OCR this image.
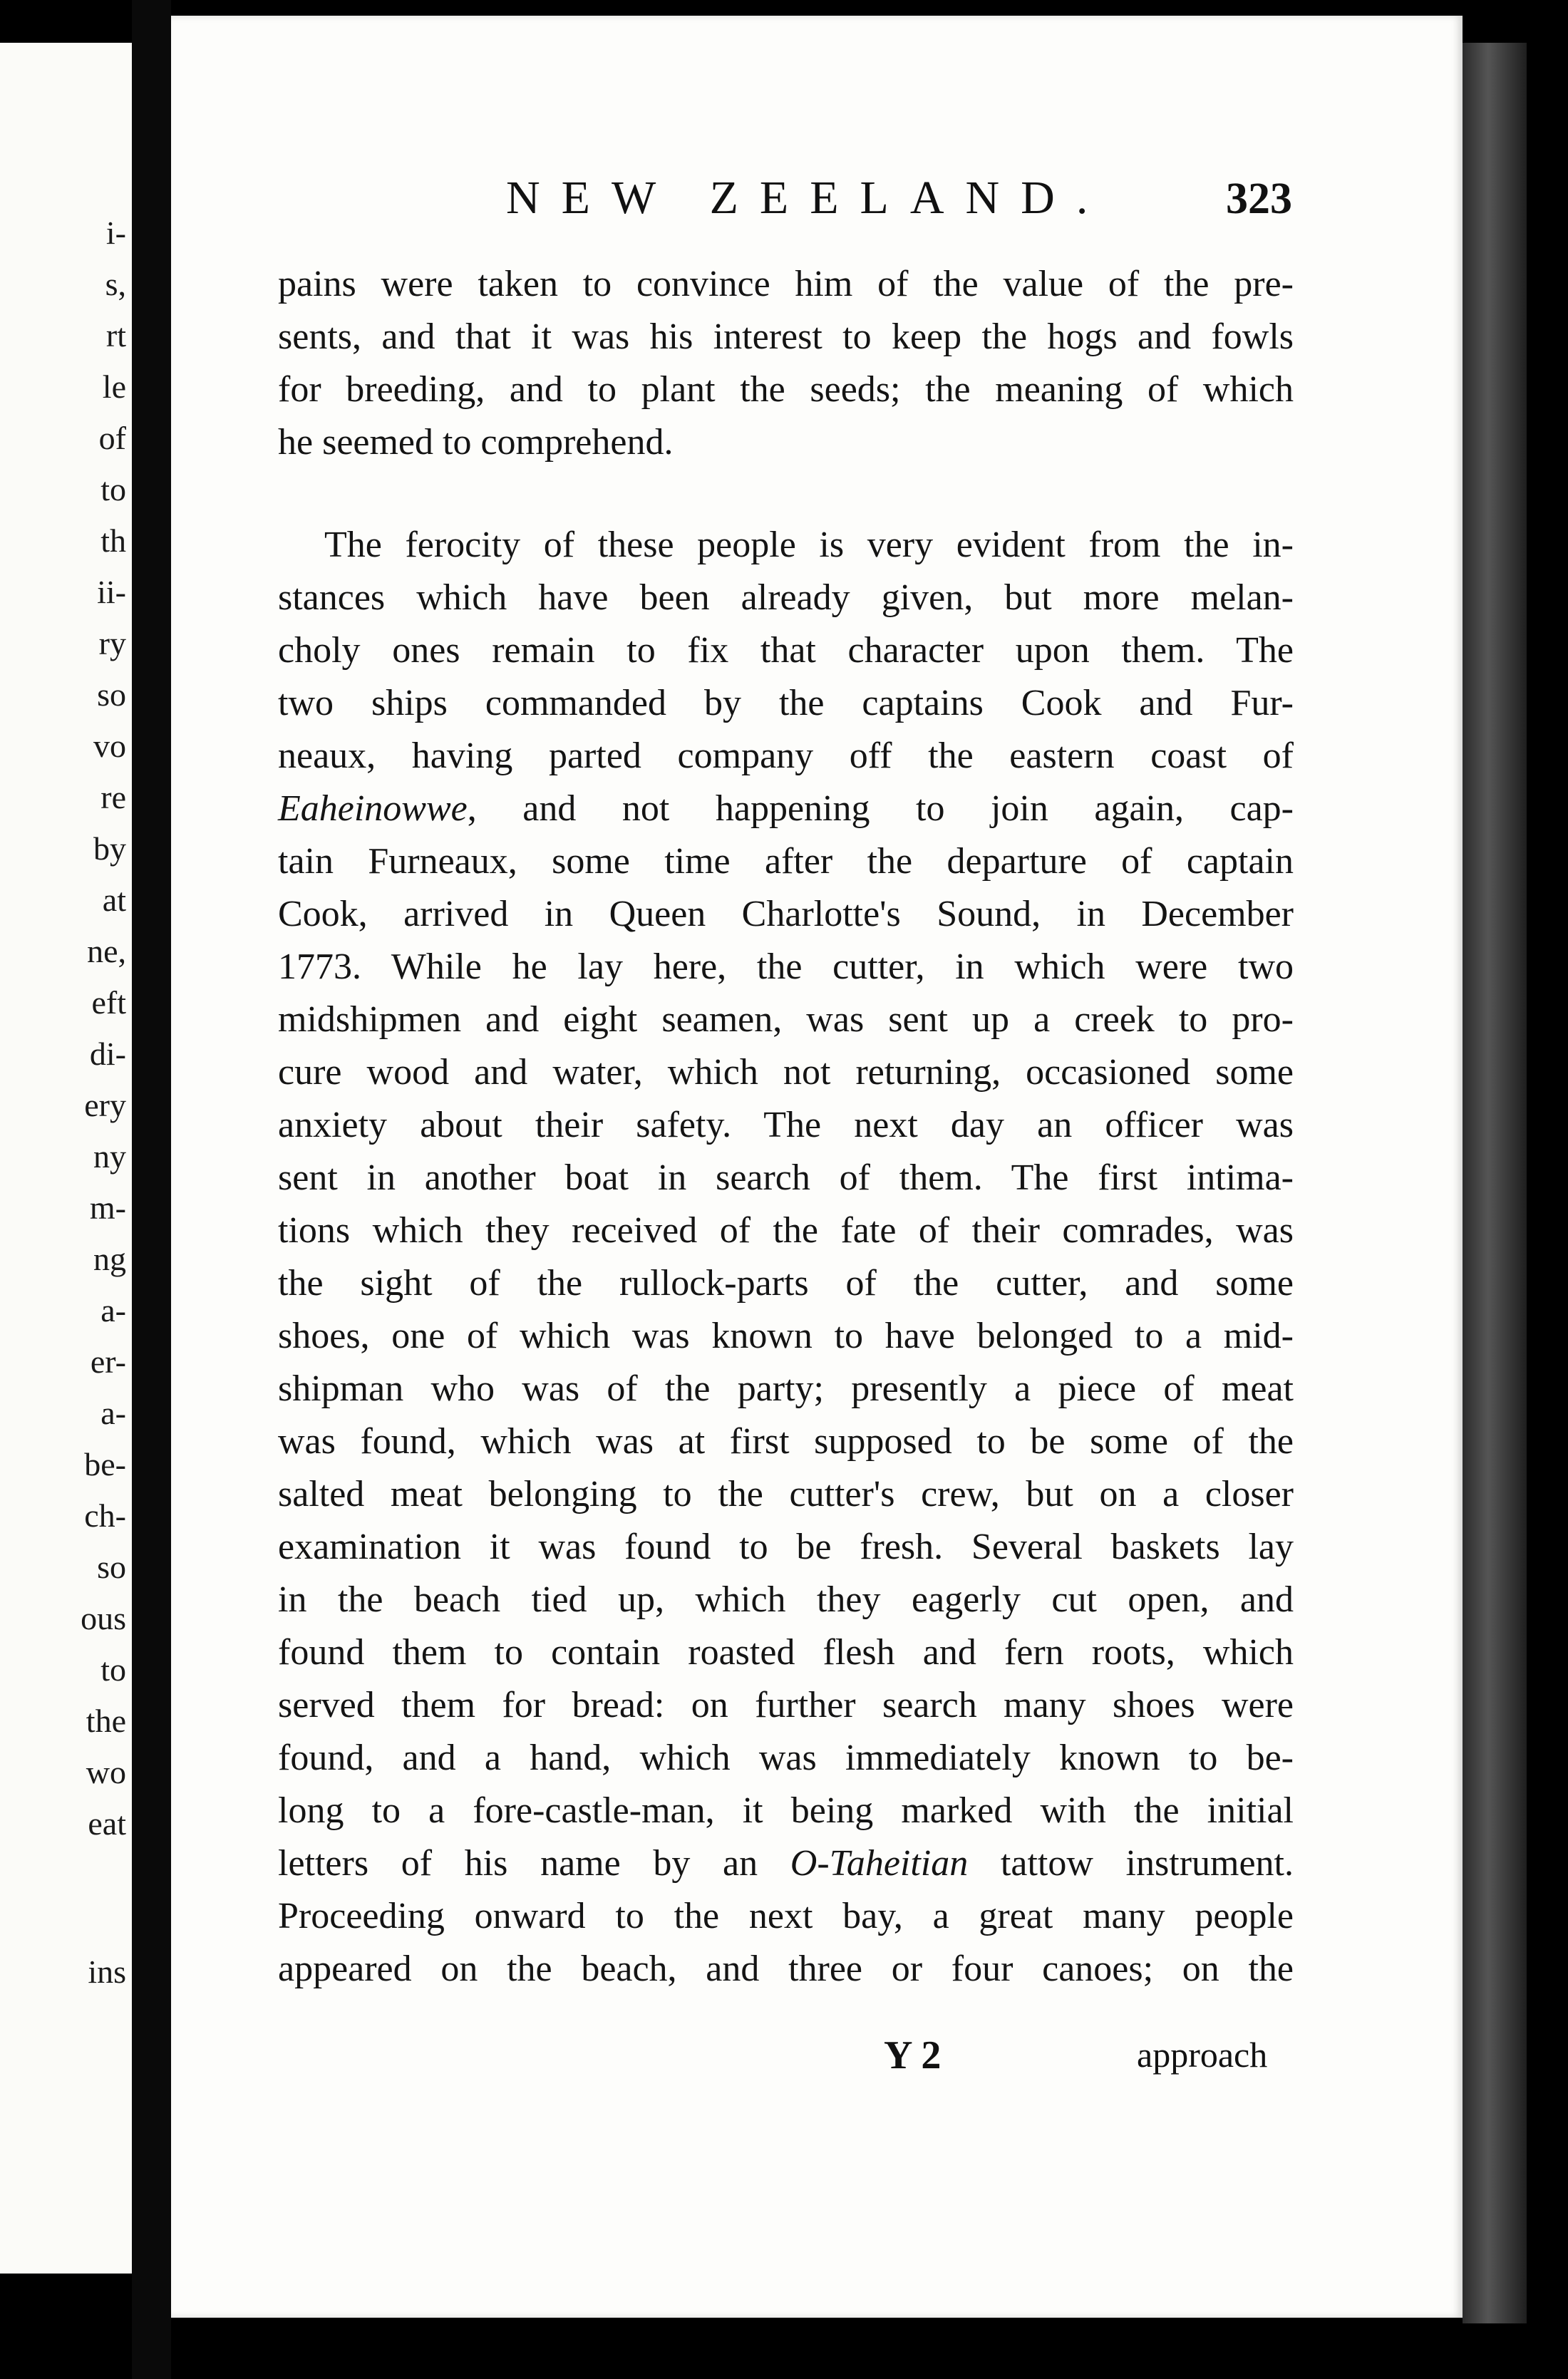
i-
s,
rt
le
of
to
th
ii-
ry
so
vo
re
by
at
ne,
eft
di-
ery
ny
m-
ng
a-
er-
a-
be-
ch-
so
ous
to
the
wo
eat
ins
NEW ZEELAND.	323
pains were taken to convince him of the value of the pre-
sents, and that it was his interest to keep the hogs and fowls
for breeding, and to plant the seeds; the meaning of which
he seemed to comprehend.
The ferocity of these people is very evident from the in-
stances which have been already given, but more melan-
choly ones remain to fix that character upon them. The
two ships commanded by the captains Cook and Fur-
neaux, having parted company off the eastern coast of
Eaheinowwe, and not happening to join again, cap-
tain Furneaux, some time after the departure of captain
Cook, arrived in Queen Charlotte's Sound, in December
1773. While he lay here, the cutter, in which were two
midshipmen and eight seamen, was sent up a creek to pro-
cure wood and water, which not returning, occasioned some
anxiety about their safety. The next day an officer was
sent in another boat in search of them. The first intima-
tions which they received of the fate of their comrades, was
the sight of the rullock-parts of the cutter, and some
shoes, one of which was known to have belonged to a mid-
shipman who was of the party; presently a piece of meat
was found, which was at first supposed to be some of the
salted meat belonging to the cutter's crew, but on a closer
examination it was found to be fresh. Several baskets lay
in the beach tied up, which they eagerly cut open, and
found them to contain roasted flesh and fern roots, which
served them for bread: on further search many shoes were
found, and a hand, which was immediately known to be-
long to a fore-castle-man, it being marked with the initial
letters of his name by an O-Taheitian tattow instrument.
Proceeding onward to the next bay, a great many people
appeared on the beach, and three or four canoes; on the
Y 2	approach
